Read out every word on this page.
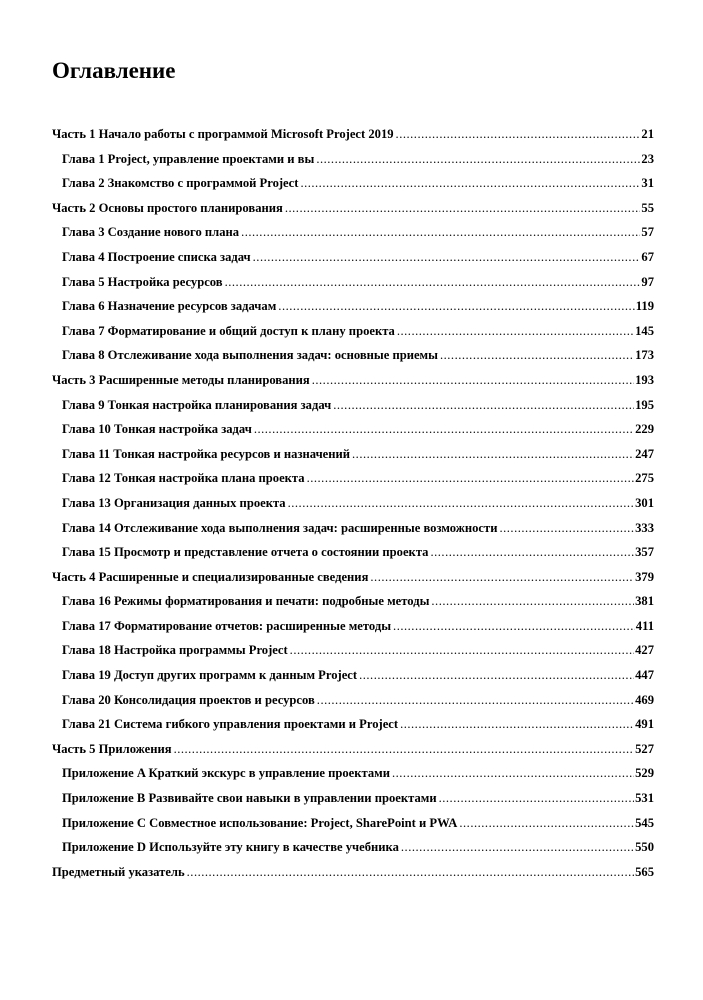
Оглавление
Часть 1 Начало работы с программой Microsoft Project 2019 .....	21
Глава 1 Project, управление проектами и вы .....	23
Глава 2 Знакомство с программой Project .....	31
Часть 2 Основы простого планирования .....	55
Глава 3 Создание нового плана .....	57
Глава 4 Построение списка задач .....	67
Глава 5 Настройка ресурсов .....	97
Глава 6 Назначение ресурсов задачам .....	119
Глава 7 Форматирование и общий доступ к плану проекта .....	145
Глава 8 Отслеживание хода выполнения задач: основные приемы .....	173
Часть 3 Расширенные методы планирования .....	193
Глава 9 Тонкая настройка планирования задач .....	195
Глава 10 Тонкая настройка задач .....	229
Глава 11 Тонкая настройка ресурсов и назначений .....	247
Глава 12 Тонкая настройка плана проекта .....	275
Глава 13 Организация данных проекта .....	301
Глава 14 Отслеживание хода выполнения задач: расширенные возможности .....	333
Глава 15 Просмотр и представление отчета о состоянии проекта .....	357
Часть 4 Расширенные и специализированные сведения .....	379
Глава 16 Режимы форматирования и печати: подробные методы .....	381
Глава 17 Форматирование отчетов: расширенные методы .....	411
Глава 18 Настройка программы Project .....	427
Глава 19 Доступ других программ к данным Project .....	447
Глава 20 Консолидация проектов и ресурсов .....	469
Глава 21 Система гибкого управления проектами и Project .....	491
Часть 5 Приложения .....	527
Приложение A Краткий экскурс в управление проектами .....	529
Приложение B Развивайте свои навыки в управлении проектами .....	531
Приложение C Совместное использование: Project, SharePoint и PWA .....	545
Приложение D Используйте эту книгу в качестве учебника .....	550
Предметный указатель .....	565
